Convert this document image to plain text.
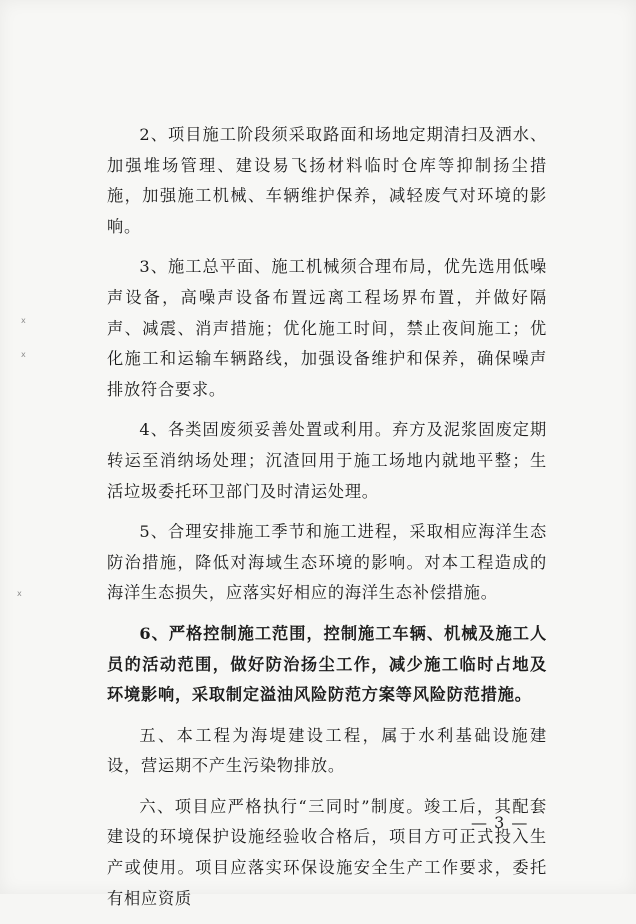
x
x
x

2、项目施工阶段须采取路面和场地定期清扫及洒水、加强堆场管理、建设易飞扬材料临时仓库等抑制扬尘措施，加强施工机械、车辆维护保养，减轻废气对环境的影响。

3、施工总平面、施工机械须合理布局，优先选用低噪声设备，高噪声设备布置远离工程场界布置，并做好隔声、减震、消声措施；优化施工时间，禁止夜间施工；优化施工和运输车辆路线，加强设备维护和保养，确保噪声排放符合要求。

4、各类固废须妥善处置或利用。弃方及泥浆固废定期转运至消纳场处理；沉渣回用于施工场地内就地平整；生活垃圾委托环卫部门及时清运处理。

5、合理安排施工季节和施工进程，采取相应海洋生态防治措施，降低对海域生态环境的影响。对本工程造成的海洋生态损失，应落实好相应的海洋生态补偿措施。

6、严格控制施工范围，控制施工车辆、机械及施工人员的活动范围，做好防治扬尘工作，减少施工临时占地及环境影响，采取制定溢油风险防范方案等风险防范措施。

五、本工程为海堤建设工程，属于水利基础设施建设，营运期不产生污染物排放。

六、项目应严格执行“三同时”制度。竣工后，其配套建设的环境保护设施经验收合格后，项目方可正式投入生产或使用。项目应落实环保设施安全生产工作要求，委托有相应资质

— 3 —
